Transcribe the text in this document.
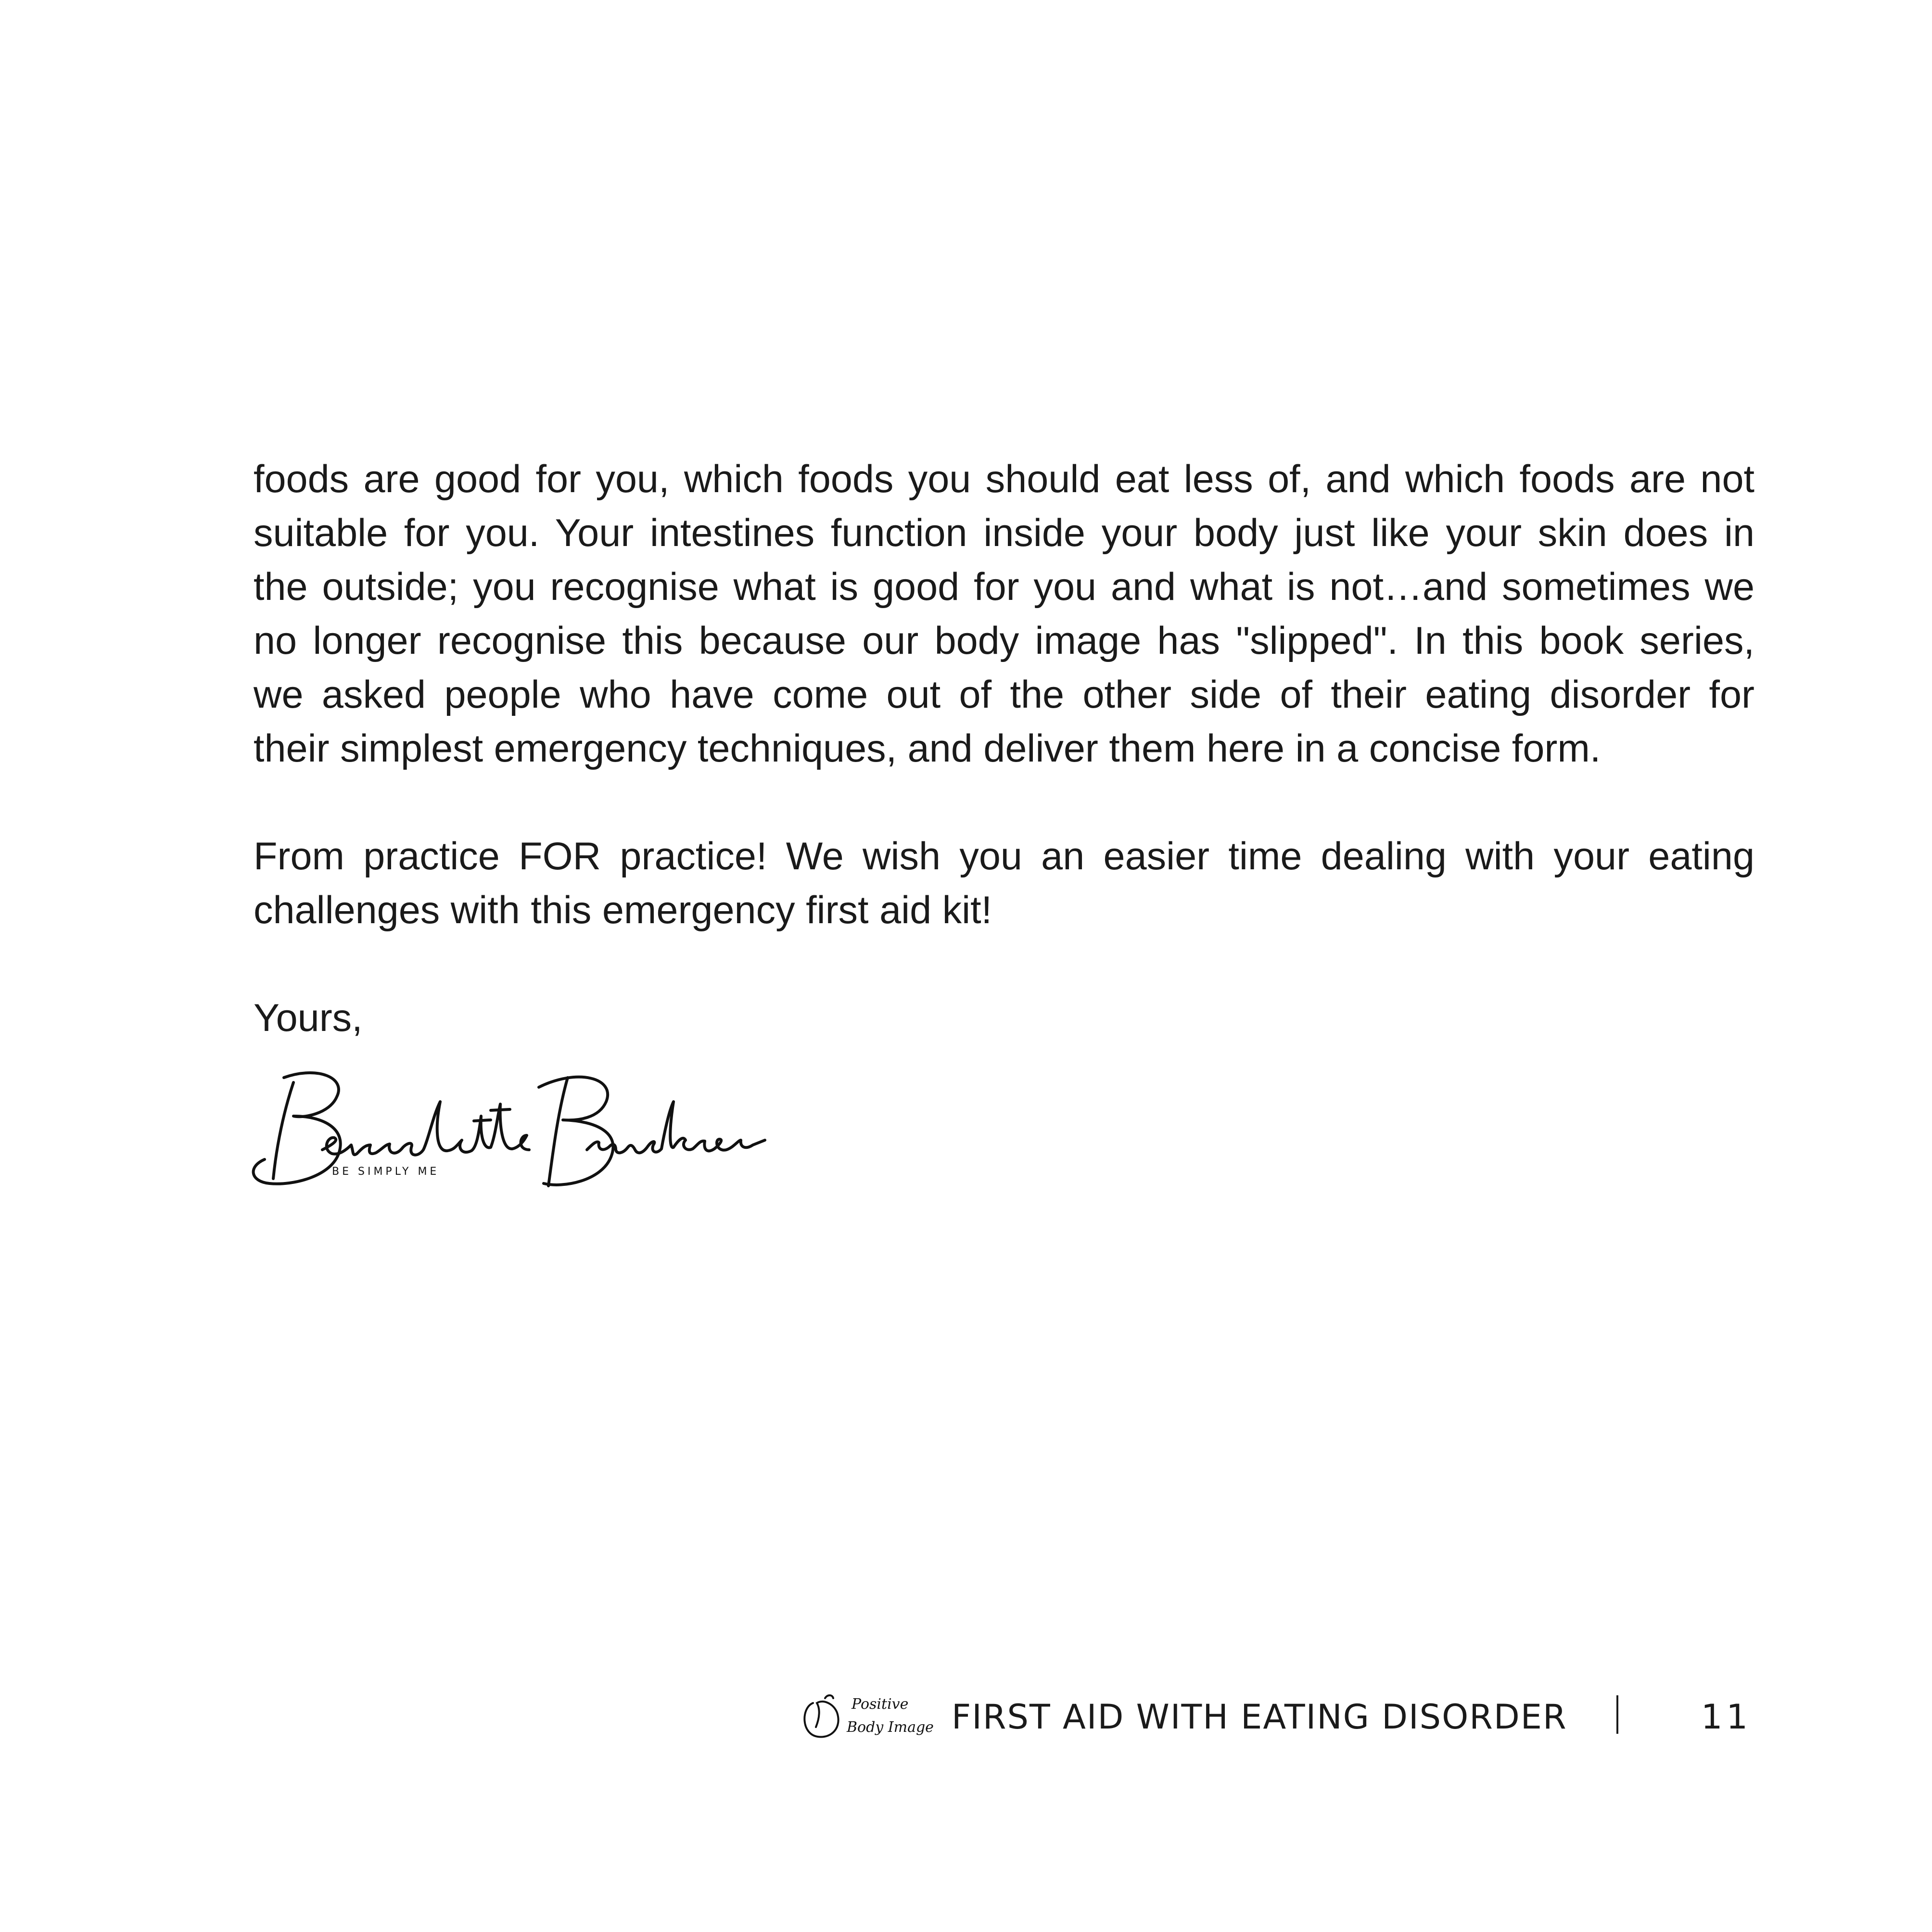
foods are good for you, which foods you should eat less of, and which foods are not
suitable for you. Your intestines function inside your body just like your skin does in
the outside; you recognise what is good for you and what is not…and sometimes we
no longer recognise this because our body image has "slipped". In this book series,
we asked people who have come out of the other side of their eating disorder for
their simplest emergency techniques, and deliver them here in a concise form.
From practice FOR practice! We wish you an easier time dealing with your eating
challenges with this emergency first aid kit!

Yours,

BE SIMPLY ME
Positive
Body Image FIRST AID WITH EATING DISORDER	11
